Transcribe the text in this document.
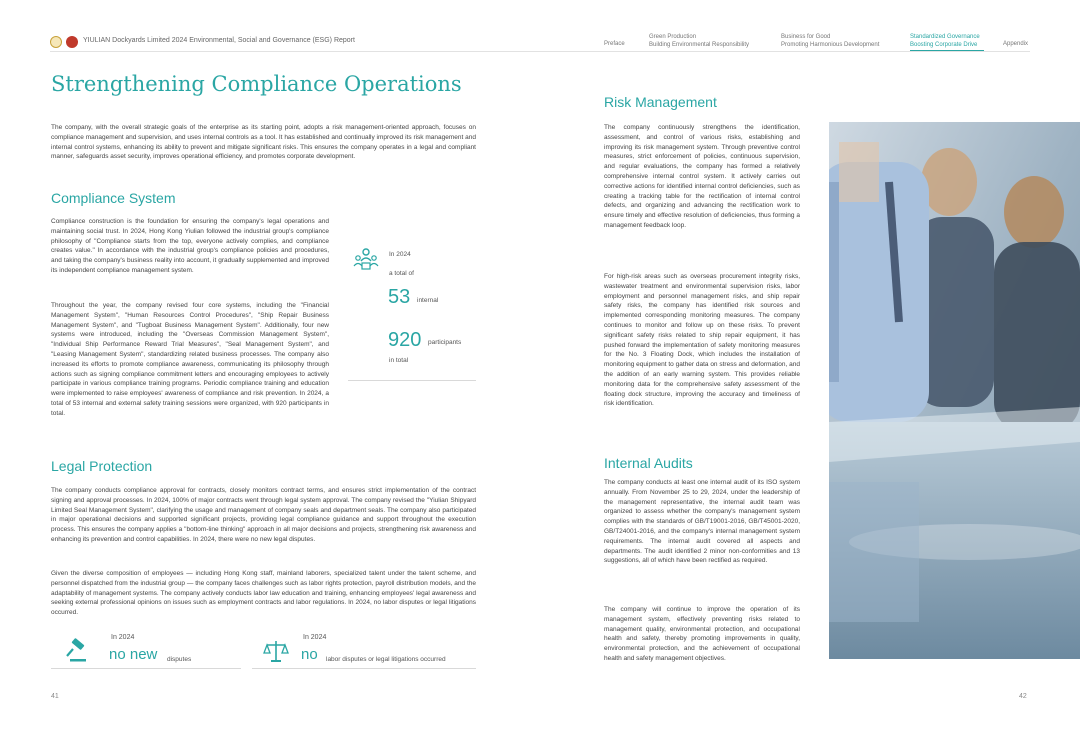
YIULIAN Dockyards Limited 2024 Environmental, Social and Governance (ESG) Report	Preface
Green Production
Building Environmental Responsibility
Business for Good
Promoting Harmonious Development
Standardized Governance
Boosting Corporate Drive	Appendix
Strengthening Compliance Operations
The company, with the overall strategic goals of the enterprise as its starting point, adopts a risk management-oriented approach, focuses on compliance management and supervision, and uses internal controls as a tool. It has established and continually improved its risk management and internal control systems, enhancing its ability to prevent and mitigate significant risks. This ensures the company operates in a legal and compliant manner, safeguards asset security, improves operational efficiency, and promotes corporate development.
Compliance System
Compliance construction is the foundation for ensuring the company's legal operations and maintaining social trust. In 2024, Hong Kong Yiulian followed the industrial group's compliance philosophy of "Compliance starts from the top, everyone actively complies, and compliance creates value." In accordance with the industrial group's compliance policies and procedures, and taking the company's business reality into account, it gradually supplemented and improved its independent compliance management system.
Throughout the year, the company revised four core systems, including the "Financial Management System", "Human Resources Control Procedures", "Ship Repair Business Management System", and "Tugboat Business Management System". Additionally, four new systems were introduced, including the "Overseas Commission Management System", "Individual Ship Performance Reward Trial Measures", "Seal Management System", and "Leasing Management System", standardizing related business processes. The company also increased its efforts to promote compliance awareness, communicating its philosophy through actions such as signing compliance commitment letters and encouraging employees to actively participate in various compliance training programs. Periodic compliance training and education were implemented to raise employees' awareness of compliance and risk prevention. In 2024, a total of 53 internal and external safety training sessions were organized, with 920 participants in total.
In 2024
a total of
53 internal
920 participants
in total
Legal Protection
The company conducts compliance approval for contracts, closely monitors contract terms, and ensures strict implementation of the contract signing and approval processes. In 2024, 100% of major contracts went through legal system approval. The company revised the "Yiulian Shipyard Limited Seal Management System", clarifying the usage and management of company seals and department seals. The company also participated in major operational decisions and supported significant projects, providing legal compliance guidance and support throughout the execution process. This ensures the company applies a "bottom-line thinking" approach in all major decisions and projects, strengthening risk awareness and enhancing its prevention and control capabilities. In 2024, there were no new legal disputes.
Given the diverse composition of employees — including Hong Kong staff, mainland laborers, specialized talent under the talent scheme, and personnel dispatched from the industrial group — the company faces challenges such as labor rights protection, payroll distribution models, and the adaptability of management systems. The company actively conducts labor law education and training, enhancing employees' legal awareness and seeking external professional opinions on issues such as employment contracts and labor regulations. In 2024, no labor disputes or legal litigations occurred.
In 2024
no new disputes
In 2024
no labor disputes or legal litigations occurred
41
Risk Management
The company continuously strengthens the identification, assessment, and control of various risks, establishing and improving its risk management system. Through preventive control measures, strict enforcement of policies, continuous supervision, and regular evaluations, the company has formed a relatively comprehensive internal control system. It actively carries out corrective actions for identified internal control deficiencies, such as creating a tracking table for the rectification of internal control defects, and organizing and advancing the rectification work to ensure timely and effective resolution of deficiencies, thus forming a management feedback loop.
For high-risk areas such as overseas procurement integrity risks, wastewater treatment and environmental supervision risks, labor employment and personnel management risks, and ship repair safety risks, the company has identified risk sources and implemented corresponding monitoring measures. The company continues to monitor and follow up on these risks. To prevent significant safety risks related to ship repair equipment, it has pushed forward the implementation of safety monitoring measures for the No. 3 Floating Dock, which includes the installation of monitoring equipment to gather data on stress and deformation, and the addition of an early warning system. This provides reliable monitoring data for the comprehensive safety assessment of the floating dock structure, improving the accuracy and timeliness of risk identification.
Internal Audits
The company conducts at least one internal audit of its ISO system annually. From November 25 to 29, 2024, under the leadership of the management representative, the internal audit team was organized to assess whether the company's management system complies with the standards of GB/T19001-2016, GB/T45001-2020, GB/T24001-2016, and the company's internal management system requirements. The internal audit covered all aspects and departments. The audit identified 2 minor non-conformities and 13 suggestions, all of which have been rectified as required.
The company will continue to improve the operation of its management system, effectively preventing risks related to management quality, environmental protection, and occupational health and safety, thereby promoting improvements in quality, environmental protection, and the achievement of occupational health and safety management objectives.
42
